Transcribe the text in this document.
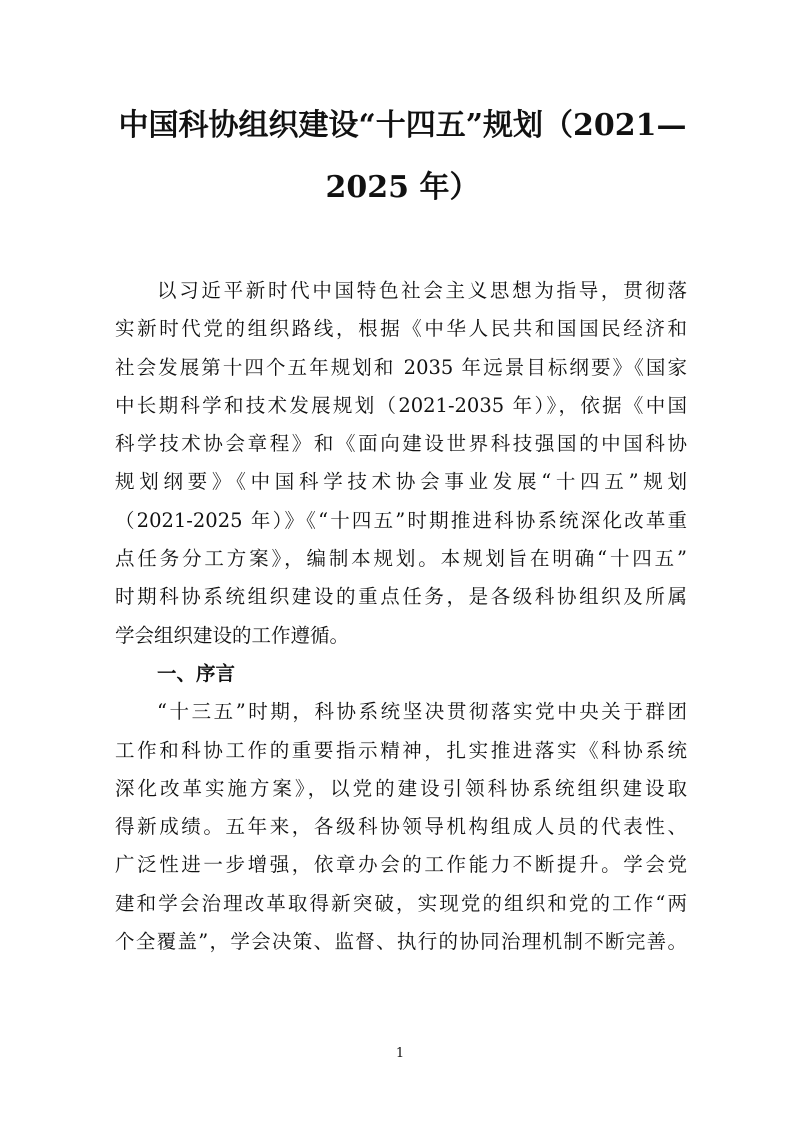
中国科协组织建设“十四五”规划（2021—
2025 年）
以习近平新时代中国特色社会主义思想为指导，贯彻落
实新时代党的组织路线，根据《中华人民共和国国民经济和
社会发展第十四个五年规划和 2035 年远景目标纲要》《国家
中长期科学和技术发展规划（2021-2035 年）》，依据《中国
科学技术协会章程》和《面向建设世界科技强国的中国科协
规划纲要》《中国科学技术协会事业发展“十四五”规划
（2021-2025 年）》《“十四五”时期推进科协系统深化改革重
点任务分工方案》，编制本规划。本规划旨在明确“十四五”
时期科协系统组织建设的重点任务，是各级科协组织及所属
学会组织建设的工作遵循。
一、序言
“十三五”时期，科协系统坚决贯彻落实党中央关于群团
工作和科协工作的重要指示精神，扎实推进落实《科协系统
深化改革实施方案》，以党的建设引领科协系统组织建设取
得新成绩。五年来，各级科协领导机构组成人员的代表性、
广泛性进一步增强，依章办会的工作能力不断提升。学会党
建和学会治理改革取得新突破，实现党的组织和党的工作“两
个全覆盖”，学会决策、监督、执行的协同治理机制不断完善。
1
